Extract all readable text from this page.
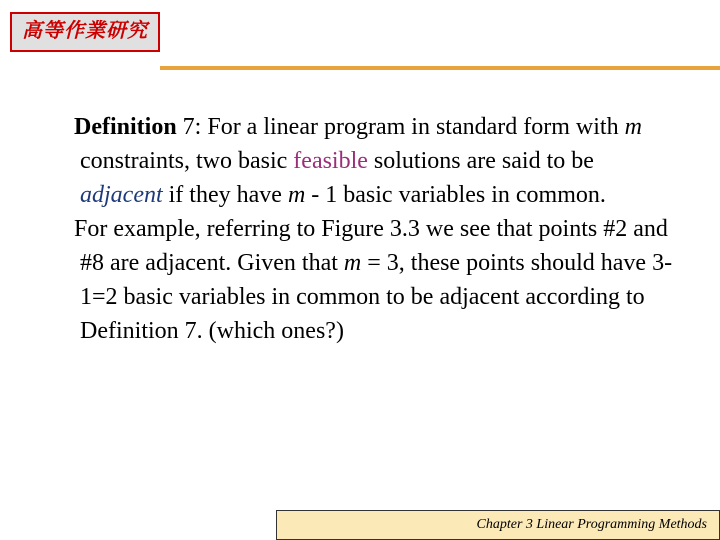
高等作業研究

Definition 7: For a linear program in standard form with m constraints, two basic feasible solutions are said to be adjacent if they have m - 1 basic variables in common.

For example, referring to Figure 3.3 we see that points #2 and #8 are adjacent. Given that m = 3, these points should have 3-1=2 basic variables in common to be adjacent according to Definition 7. (which ones?)

Chapter 3 Linear Programming Methods
